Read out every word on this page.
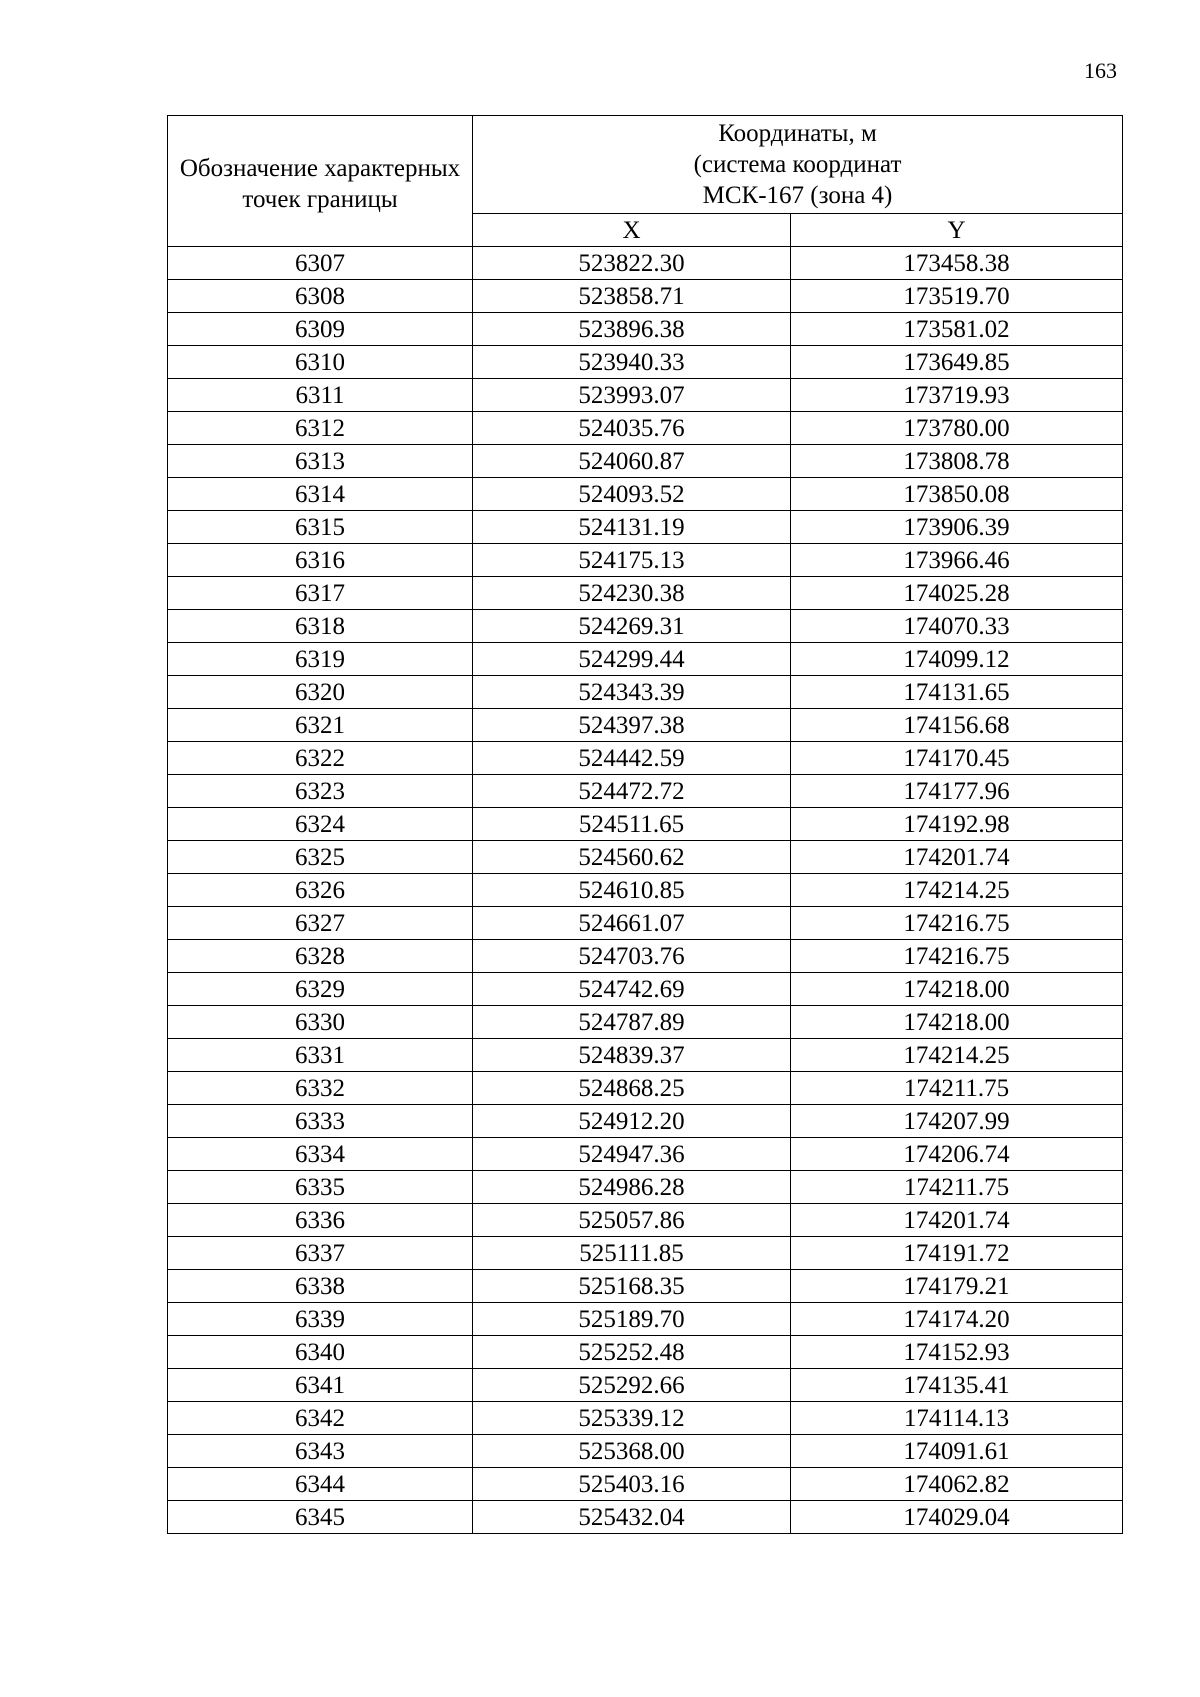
163
Обозначение характерных точек границы	Координаты, м
(система координат
МСК-167 (зона 4)	

	X	Y
6307	523822.30	173458.38
6308	523858.71	173519.70
6309	523896.38	173581.02
6310	523940.33	173649.85
6311	523993.07	173719.93
6312	524035.76	173780.00
6313	524060.87	173808.78
6314	524093.52	173850.08
6315	524131.19	173906.39
6316	524175.13	173966.46
6317	524230.38	174025.28
6318	524269.31	174070.33
6319	524299.44	174099.12
6320	524343.39	174131.65
6321	524397.38	174156.68
6322	524442.59	174170.45
6323	524472.72	174177.96
6324	524511.65	174192.98
6325	524560.62	174201.74
6326	524610.85	174214.25
6327	524661.07	174216.75
6328	524703.76	174216.75
6329	524742.69	174218.00
6330	524787.89	174218.00
6331	524839.37	174214.25
6332	524868.25	174211.75
6333	524912.20	174207.99
6334	524947.36	174206.74
6335	524986.28	174211.75
6336	525057.86	174201.74
6337	525111.85	174191.72
6338	525168.35	174179.21
6339	525189.70	174174.20
6340	525252.48	174152.93
6341	525292.66	174135.41
6342	525339.12	174114.13
6343	525368.00	174091.61
6344	525403.16	174062.82
6345	525432.04	174029.04
